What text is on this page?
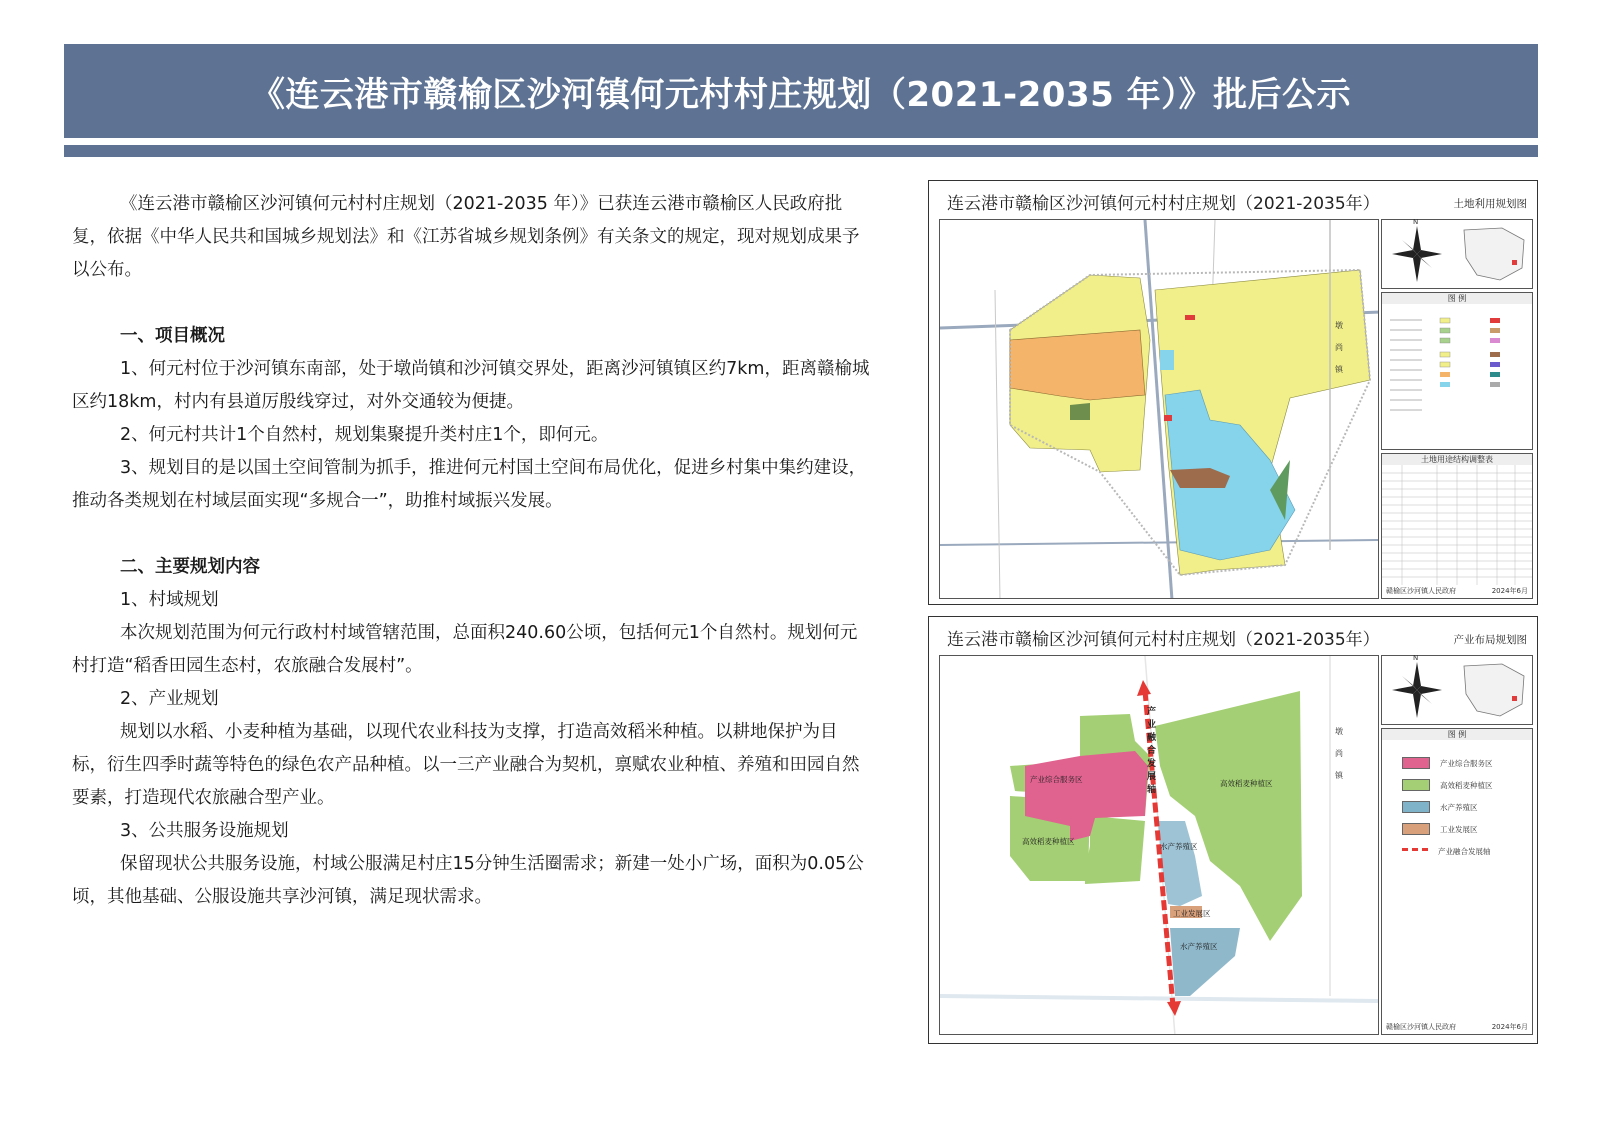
《连云港市赣榆区沙河镇何元村村庄规划（2021-2035 年）》批后公示

《连云港市赣榆区沙河镇何元村村庄规划（2021-2035 年）》已获连云港市赣榆区人民政府批复，依据《中华人民共和国城乡规划法》和《江苏省城乡规划条例》有关条文的规定，现对规划成果予以公布。

一、项目概况

1、何元村位于沙河镇东南部，处于墩尚镇和沙河镇交界处，距离沙河镇镇区约7km，距离赣榆城区约18km，村内有县道厉殷线穿过，对外交通较为便捷。

2、何元村共计1个自然村，规划集聚提升类村庄1个，即何元。

3、规划目的是以国土空间管制为抓手，推进何元村国土空间布局优化，促进乡村集中集约建设，推动各类规划在村域层面实现“多规合一”，助推村域振兴发展。

二、主要规划内容

1、村域规划

本次规划范围为何元行政村村域管辖范围，总面积240.60公顷，包括何元1个自然村。规划何元村打造“稻香田园生态村，农旅融合发展村”。

2、产业规划

规划以水稻、小麦种植为基础，以现代农业科技为支撑，打造高效稻米种植。以耕地保护为目标，衍生四季时蔬等特色的绿色农产品种植。以一三产业融合为契机，禀赋农业种植、养殖和田园自然要素，打造现代农旅融合型产业。

3、公共服务设施规划

保留现状公共服务设施，村域公服满足村庄15分钟生活圈需求；新建一处小广场，面积为0.05公顷，其他基础、公服设施共享沙河镇，满足现状需求。

连云港市赣榆区沙河镇何元村村庄规划（2021-2035年）	土地利用规划图
墩 尚 镇
N
图 例
土地用途结构调整表
赣榆区沙河镇人民政府	2024年6月
连云港市赣榆区沙河镇何元村村庄规划（2021-2035年）	产业布局规划图
产业融合发展轴
产业综合服务区	高效稻麦种植区
高效稻麦种植区
水产养殖区
工业发展区
水产养殖区
墩 尚 镇
N
图 例
产业综合服务区
高效稻麦种植区
水产养殖区
工业发展区
产业融合发展轴
赣榆区沙河镇人民政府	2024年6月
